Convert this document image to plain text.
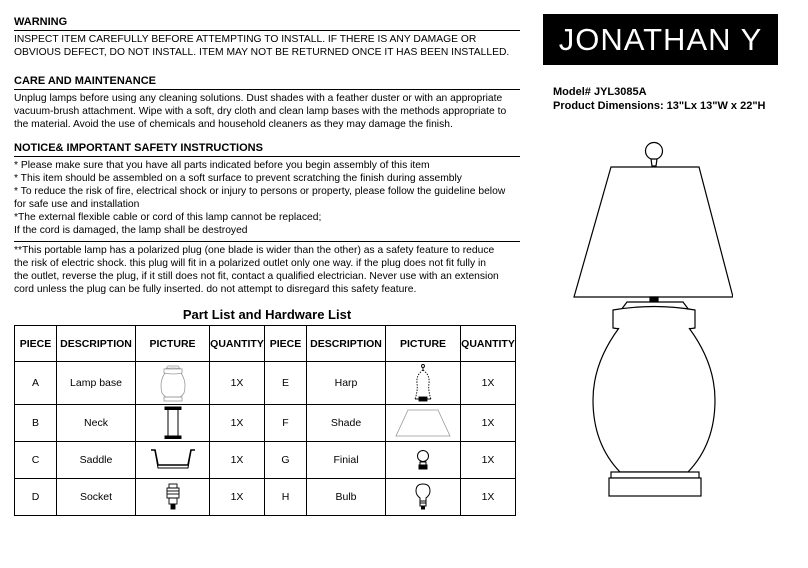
WARNING
INSPECT ITEM CAREFULLY BEFORE ATTEMPTING TO INSTALL. IF THERE IS ANY DAMAGE OR
OBVIOUS DEFECT, DO NOT INSTALL. ITEM MAY NOT BE RETURNED ONCE IT HAS BEEN INSTALLED.
CARE AND MAINTENANCE
Unplug lamps before using any cleaning solutions. Dust shades with a feather duster or with an appropriate
vacuum-brush attachment. Wipe with a soft, dry cloth and clean lamp bases with the methods appropriate to
the material. Avoid the use of chemicals and household cleaners as they may damage the finish.
NOTICE& IMPORTANT SAFETY INSTRUCTIONS
* Please make sure that you have all parts indicated before you begin assembly of this item
* This item should be assembled on a soft surface to prevent scratching the finish during assembly
* To reduce the risk of fire, electrical shock or injury to persons or property, please follow the guideline below
for safe use and installation
*The external flexible cable or cord of this lamp cannot be replaced;
If the cord is damaged, the lamp shall be destroyed
**This portable lamp has a polarized plug (one blade is wider than the other) as a safety feature to reduce
the risk of electric shock. this plug will fit in a polarized outlet only one way. if the plug does not fit fully in
the outlet, reverse the plug, if it still does not fit, contact a qualified electrician. Never use with an extension
cord unless the plug can be fully inserted. do not attempt to disregard this safety feature.
JONATHAN Y
Model# JYL3085A
Product Dimensions: 13"Lx 13"W x 22"H
Part List and Hardware List
PIECE	DESCRIPTION	PICTURE	QUANTITY	PIECE	DESCRIPTION	PICTURE	QUANTITY
A	Lamp base		1X	E	Harp		1X
B	Neck		1X	F	Shade		1X
C	Saddle		1X	G	Finial		1X
D	Socket		1X	H	Bulb		1X
